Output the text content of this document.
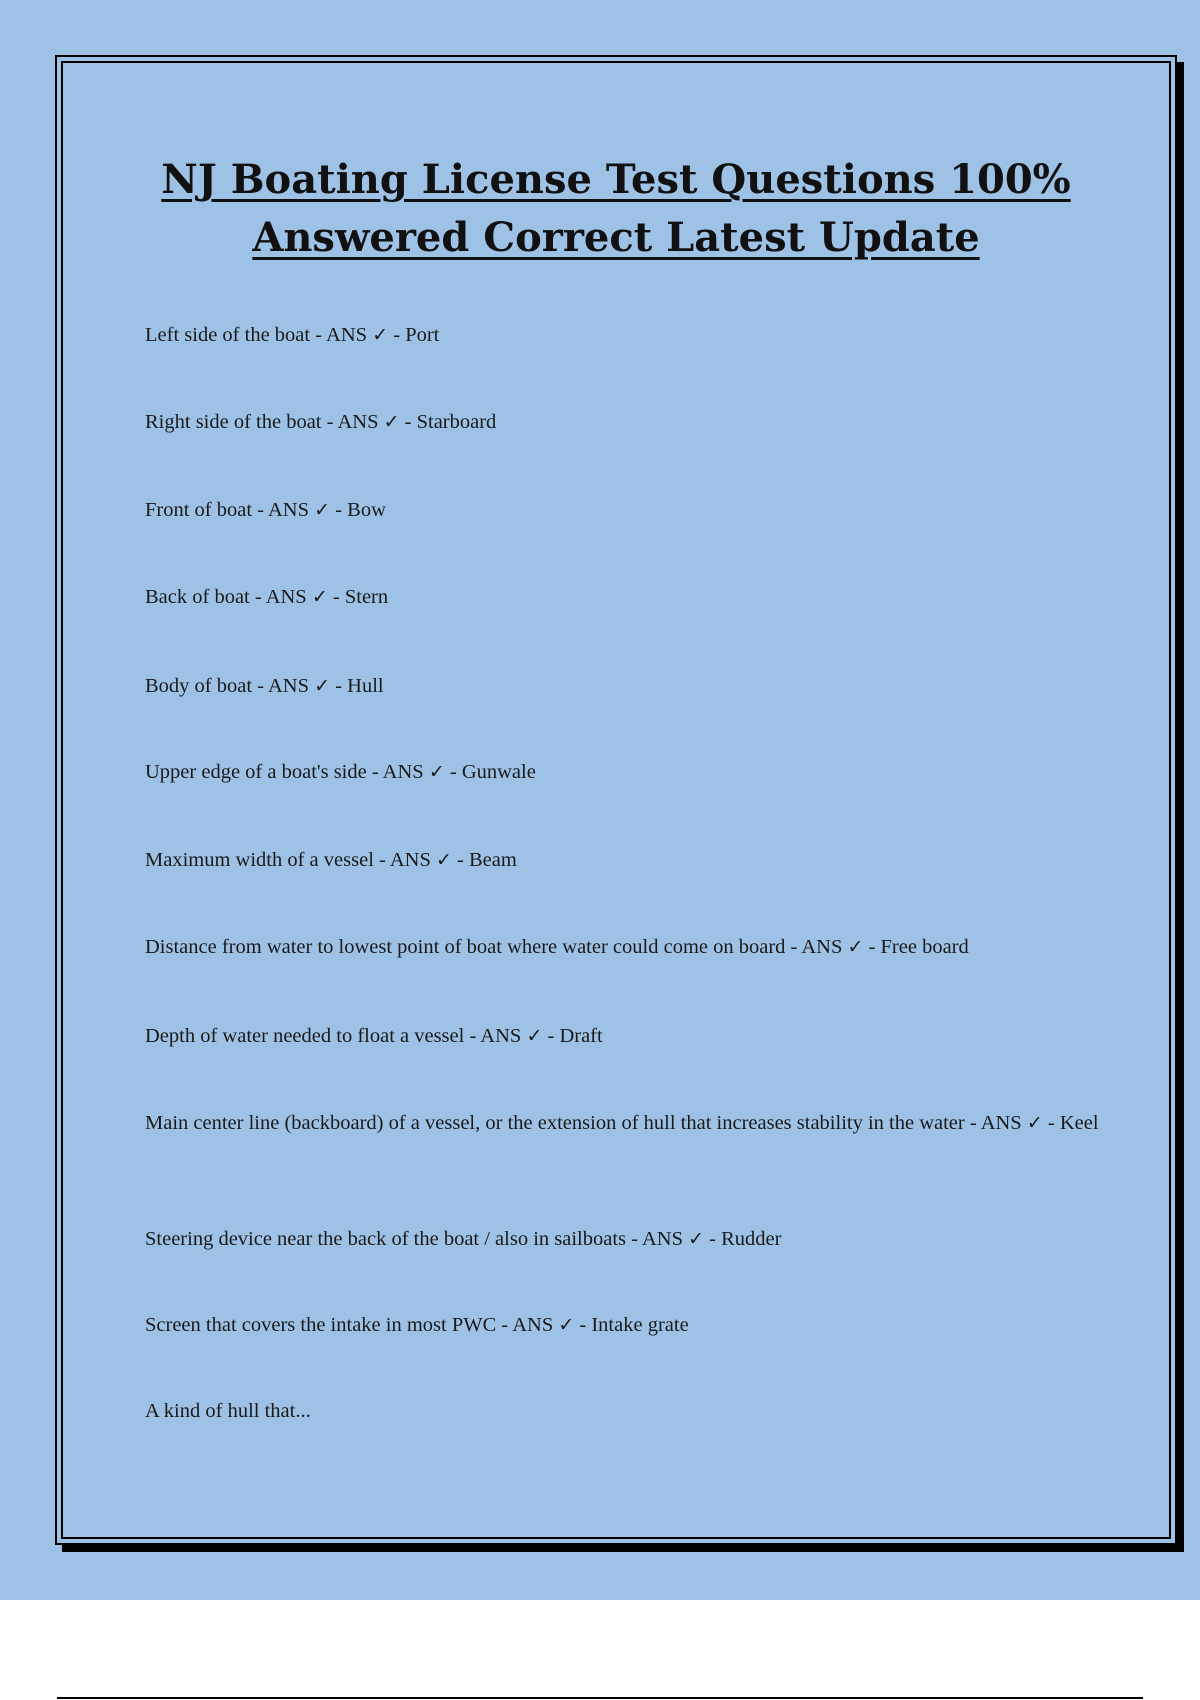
NJ Boating License Test Questions 100%
Answered Correct Latest Update

Left side of the boat - ANS ✓ - Port

Right side of the boat - ANS ✓ - Starboard

Front of boat - ANS ✓ - Bow

Back of boat - ANS ✓ - Stern

Body of boat - ANS ✓ - Hull

Upper edge of a boat's side - ANS ✓ - Gunwale

Maximum width of a vessel - ANS ✓ - Beam

Distance from water to lowest point of boat where water could come on board - ANS ✓ - Free board

Depth of water needed to float a vessel - ANS ✓ - Draft

Main center line (backboard) of a vessel, or the extension of hull that increases stability in the water - ANS ✓ - Keel

Steering device near the back of the boat / also in sailboats - ANS ✓ - Rudder

Screen that covers the intake in most PWC - ANS ✓ - Intake grate

A kind of hull that...
